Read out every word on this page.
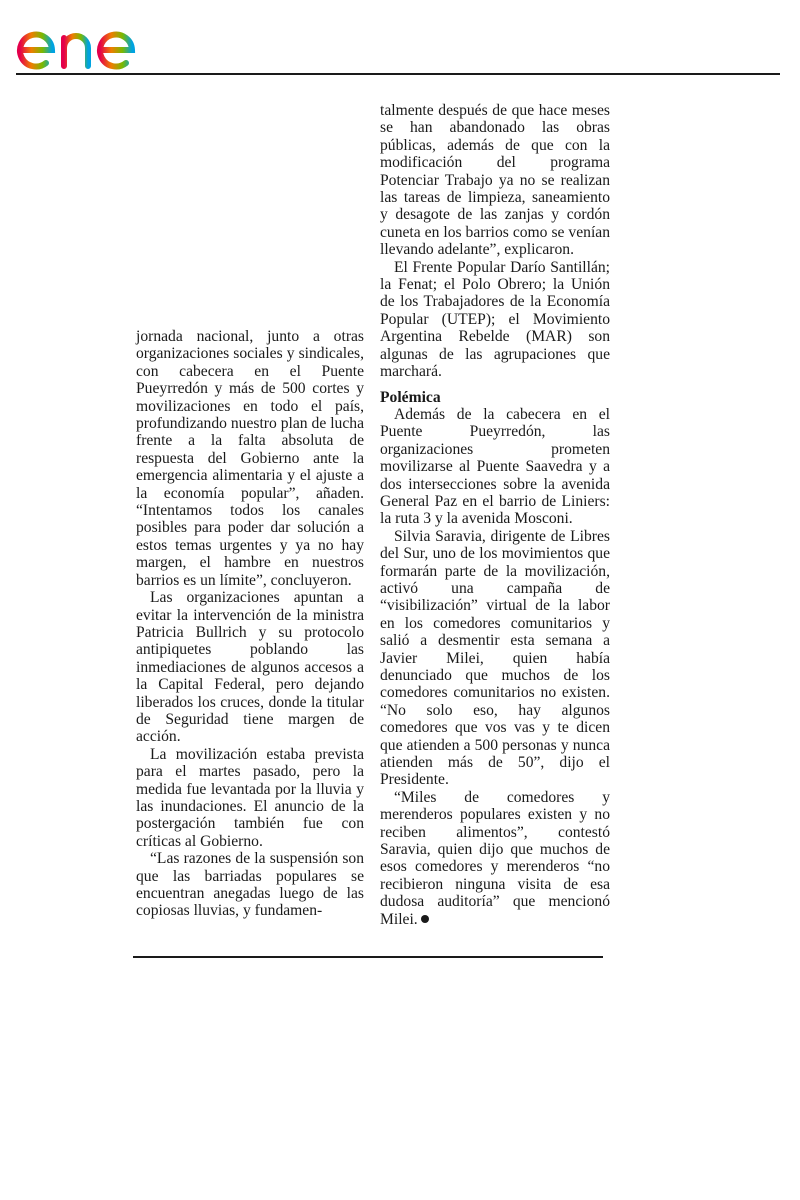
jornada nacional, junto a otras organizaciones sociales y sindicales, con cabecera en el Puente Pueyrredón y más de 500 cortes y movilizaciones en todo el país, profundizando nuestro plan de lucha frente a la falta absoluta de respuesta del Gobierno ante la emergencia alimentaria y el ajuste a la economía popular”, añaden. “Intentamos todos los canales posibles para poder dar solución a estos temas urgentes y ya no hay margen, el hambre en nuestros barrios es un límite”, concluyeron.

Las organizaciones apuntan a evitar la intervención de la ministra Patricia Bullrich y su protocolo antipiquetes poblando las inmediaciones de algunos accesos a la Capital Federal, pero dejando liberados los cruces, donde la titular de Seguridad tiene margen de acción.

La movilización estaba prevista para el martes pasado, pero la medida fue levantada por la lluvia y las inundaciones. El anuncio de la postergación también fue con críticas al Gobierno.

“Las razones de la suspensión son que las barriadas populares se encuentran anegadas luego de las copiosas lluvias, y fundamen-

talmente después de que hace meses se han abandonado las obras públicas, además de que con la modificación del programa Potenciar Trabajo ya no se realizan las tareas de limpieza, saneamiento y desagote de las zanjas y cordón cuneta en los barrios como se venían llevando adelante”, explicaron.

El Frente Popular Darío Santillán; la Fenat; el Polo Obrero; la Unión de los Trabajadores de la Economía Popular (UTEP); el Movimiento Argentina Rebelde (MAR) son algunas de las agrupaciones que marchará.

Polémica

Además de la cabecera en el Puente Pueyrredón, las organizaciones prometen movilizarse al Puente Saavedra y a dos intersecciones sobre la avenida General Paz en el barrio de Liniers: la ruta 3 y la avenida Mosconi.

Silvia Saravia, dirigente de Libres del Sur, uno de los movimientos que formarán parte de la movilización, activó una campaña de “visibilización” virtual de la labor en los comedores comunitarios y salió a desmentir esta semana a Javier Milei, quien había denunciado que muchos de los comedores comunitarios no existen. “No solo eso, hay algunos comedores que vos vas y te dicen que atienden a 500 personas y nunca atienden más de 50”, dijo el Presidente.

“Miles de comedores y merenderos populares existen y no reciben alimentos”, contestó Saravia, quien dijo que muchos de esos comedores y merenderos “no recibieron ninguna visita de esa dudosa auditoría” que mencionó Milei.
